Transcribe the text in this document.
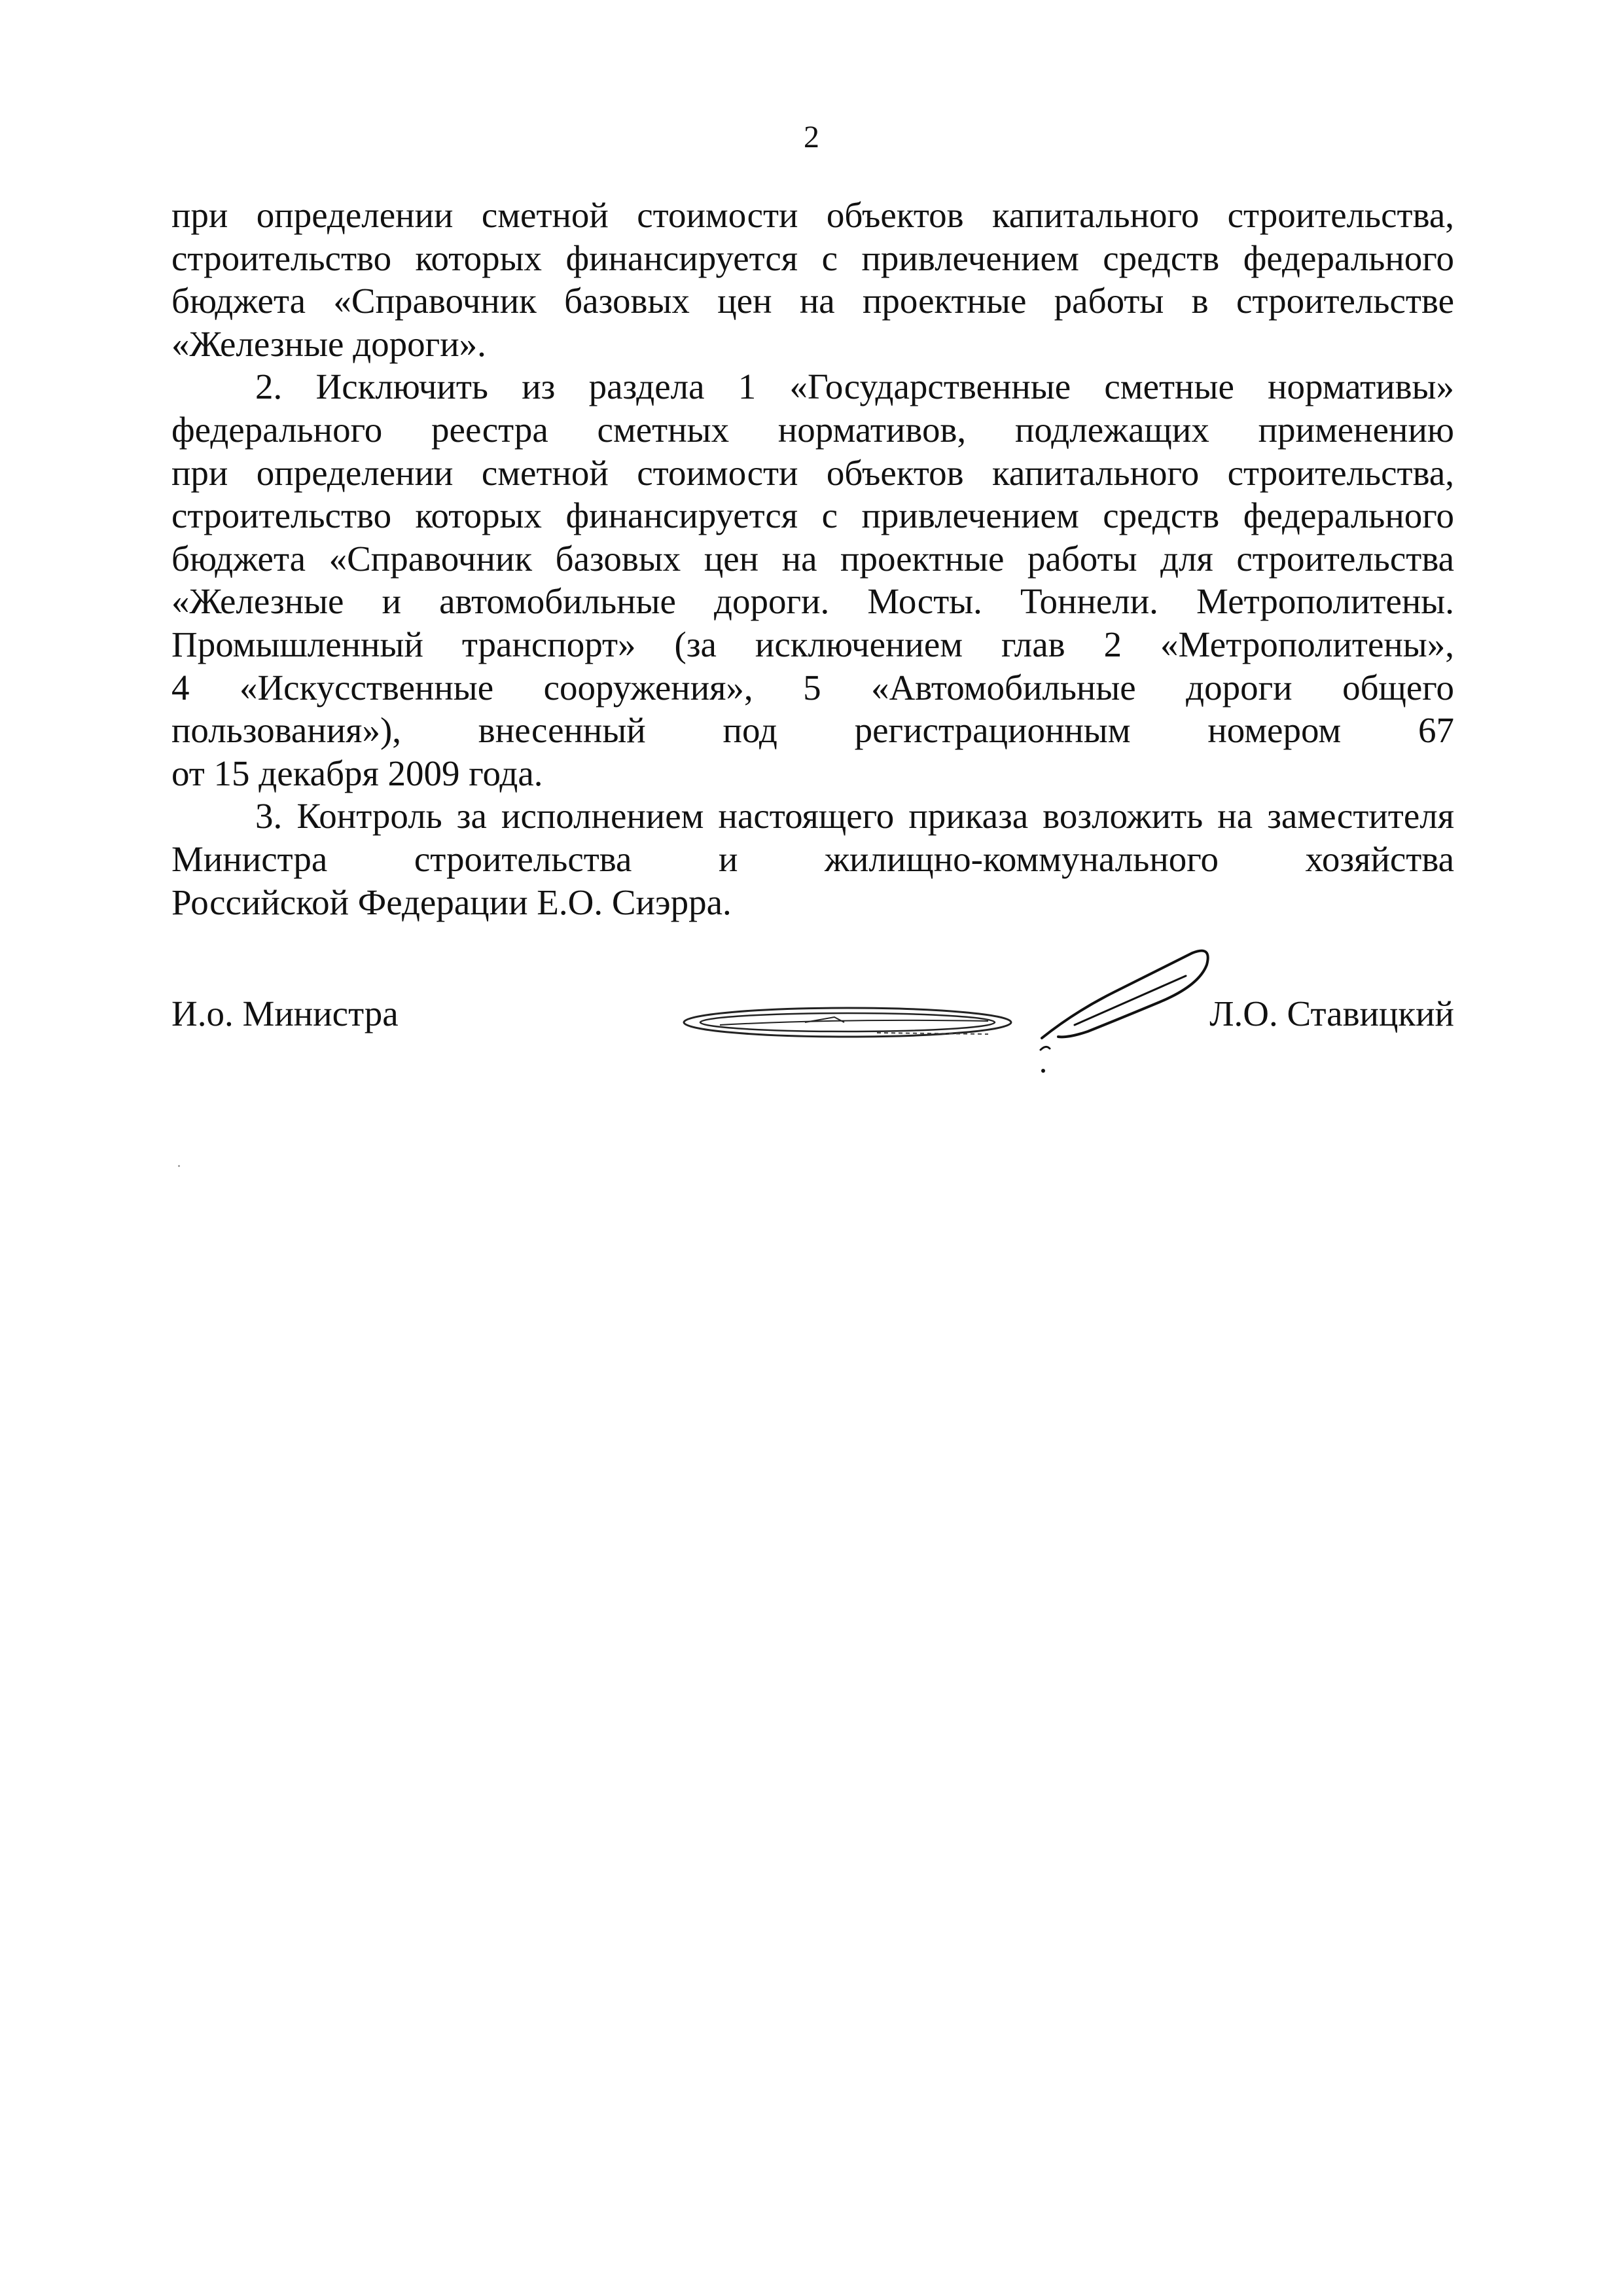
2
при определении сметной стоимости объектов капитального строительства,
строительство которых финансируется с привлечением средств федерального
бюджета «Справочник базовых цен на проектные работы в строительстве
«Железные дороги».
2. Исключить из раздела 1 «Государственные сметные нормативы»
федерального реестра сметных нормативов, подлежащих применению
при определении сметной стоимости объектов капитального строительства,
строительство которых финансируется с привлечением средств федерального
бюджета «Справочник базовых цен на проектные работы для строительства
«Железные и автомобильные дороги. Мосты. Тоннели. Метрополитены.
Промышленный транспорт» (за исключением глав 2 «Метрополитены»,
4 «Искусственные сооружения», 5 «Автомобильные дороги общего
пользования»), внесенный под регистрационным номером 67
от 15 декабря 2009 года.
3. Контроль за исполнением настоящего приказа возложить на заместителя
Министра строительства и жилищно-коммунального хозяйства
Российской Федерации Е.О. Сиэрра.
И.о. Министра	Л.О. Ставицкий
